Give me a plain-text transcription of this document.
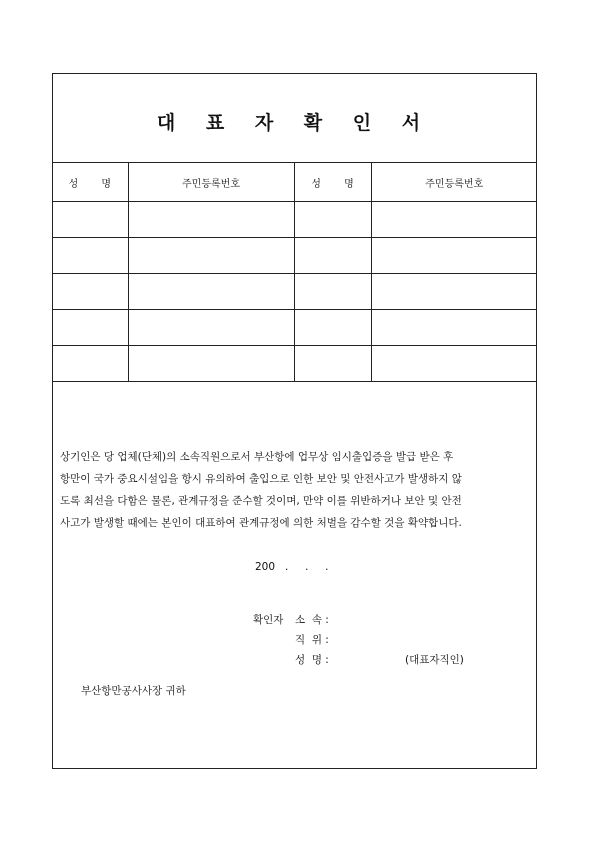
대 표 자 확 인 서
성 명	주민등록번호	성 명	주민등록번호

상기인은 당 업체(단체)의 소속직원으로서 부산항에 업무상 임시출입증을 발급 받은 후
항만이 국가 중요시설임을 항시 유의하여 출입으로 인한 보안 및 안전사고가 발생하지 않
도록 최선을 다함은 물론, 관계규정을 준수할 것이며, 만약 이를 위반하거나 보안 및 안전
사고가 발생할 때에는 본인이 대표하여 관계규정에 의한 처벌을 감수할 것을 확약합니다.
200   .     .     .
확인자 소  속 :
직  위 :
성  명 :	(대표자직인)
부산항만공사사장 귀하
